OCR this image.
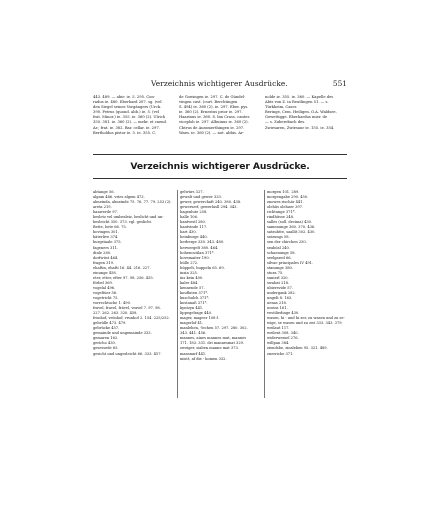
Verzeichnis wichtigerer Ausdrücke.	551
443. 489. — abir: ie. 5. 295. Con-
radus ie. 480. Eberhard 207. sg. (vel
den Siegel seines Vorgängers (Urck.
390. Petrus (quond. abb.) ie. 5. (vel
frat. Minor.) ie. 355. ie. 360 (2). Ulrich
355. 381. ie. 360 (2). — mehr. et caend.
Ar.; frat. ie. 382. Bar. cellar. ie. 297.
Bertholdus pistor ie. 5. ie. 355. C.
de Gowingen ie. 297. C. de Gündel-
vingen cust. (curt. Berchtingen
S. 494) ie. 360 (2). ie. 297. Eber. pys.
ie. 360 (2). Ernestus prior ie. 297.
Haarinus ie. 360. S. bm Crass. canter.
viceplob ie. 297. Albuinus ie. 360 (2).
Chtrus de Aussmerthingen ie. 297.
Warn. ie. 360 (2). — not. abbis. Ar-
nolde ie. 355. ie. 360. — Kapelle des
Abts von Z. in Reutlingen 51. — s.
Türkheim, Caser.
Beringe, Cem. Heiligen, O.A. Waldsee,
Gewettigge. Eberhardus mier. de
— s. Zuberebach des.
Zwiesaren, Zwiesaur ie. 155. ie. 354.
Verzeichnis wichtigerer Ausdrücke.
abtange 56.
algam 486. vries algem 473.
almeinda, almeinde 75. 76. 77. 79. 253 (2).
areta 219.
banwerde 97.
besletz vel umbesleiz, beslicht und un-
besleicht 350. 373. vgl. geslicht.
Bette, bete 66. 75.
bovingen 301.
bäterlive 374.
burgstaale 375.
fageners 311.
dinle 280.
dorfwüst 464.
fragen 319.
ehaftin, ehafti 16. 44. 216. 227.
einunge 458.
eter, etter, efter 97. 98. 256. 455.
förbel 369.
vogelal 496.
vogeltüer 56.
vogetricht 75.
vorrechtuche 1. 490.
fravel, fravel, frävel, vravel 7. 97. 98.
227. 262. 263. 320. 458.
fronhof, vrönhof, vrunhof 2. 154. 225/252.
gebrülle 473. 479.
gebrücke 457.
gemainde und ungemainde 333.
gemaren 162.
gericho 430.
gesessede 65.
gesicht und ungesleicht 66. 333. 457.
gelwürs 327.
gewalt und gewer 333.
gewer, gewerchaft 240. 380. 438.
gewerserf, gewerlasll 294. 343.
hagenlute 258.
halle 106.
hantvestl 280.
hantvinde 117.
hart 430.
heinburge 440.
herberge 338. 343. 480.
herwergelt 380. 464.
hohencutilan 371*.
hovemaiter 190.
hülle 272.
hüppelt, huppeln 65. 69.
insin 325.
ins kein 400.
kalre 484.
kennende 57.
koufluten 371*.
kuschulch 371*.
kostanaß 371*.
kyntzyn 441.
lippegelrage 440.
mager, mageer 108 f.
magerlof 41.
manlehen, -lechen 57. 297. 280. 302.
343. 441. 456.
mannes, aines mannes mut, mannes
171. 183. 331. dri mannesmat 329.
zweiger, siaben manne mat 373.
mansnarf 441.
mistt, af die - komen 332.
morgen 101. 289.
morgengabe 290. 450.
znowes rischär 441.
olehüs olehuer 397.
richtunge 371*.
rindhüsse 248.
salles (soll. decima) 430.
samenunge 360. 370. 436.
satzuhtte, saallit 302. 430.
seizungs 58.
sen der chirchen 250.
seahüsl 240.
schaenunge 58.
seelgared 66.
silvae principales IV 491.
stanunge 380.
stura 75.
sumerl 320.
swabat 218.
ubiersvide 57.
undergank 282.
ungelt 8. 163.
uenas 218.
uroins 161.
vestiliedinge 430.
wasen, hi - und hi zer, zu wasen und zu se-
wige, se wasen und zu zwi 333. 343. 379.
weilaut 117.
weilent 308. 340.
widerwessel 276.
willpan 384.
ziendsbe, zinslehen 95. 321. 489.
zuerriche 371.
